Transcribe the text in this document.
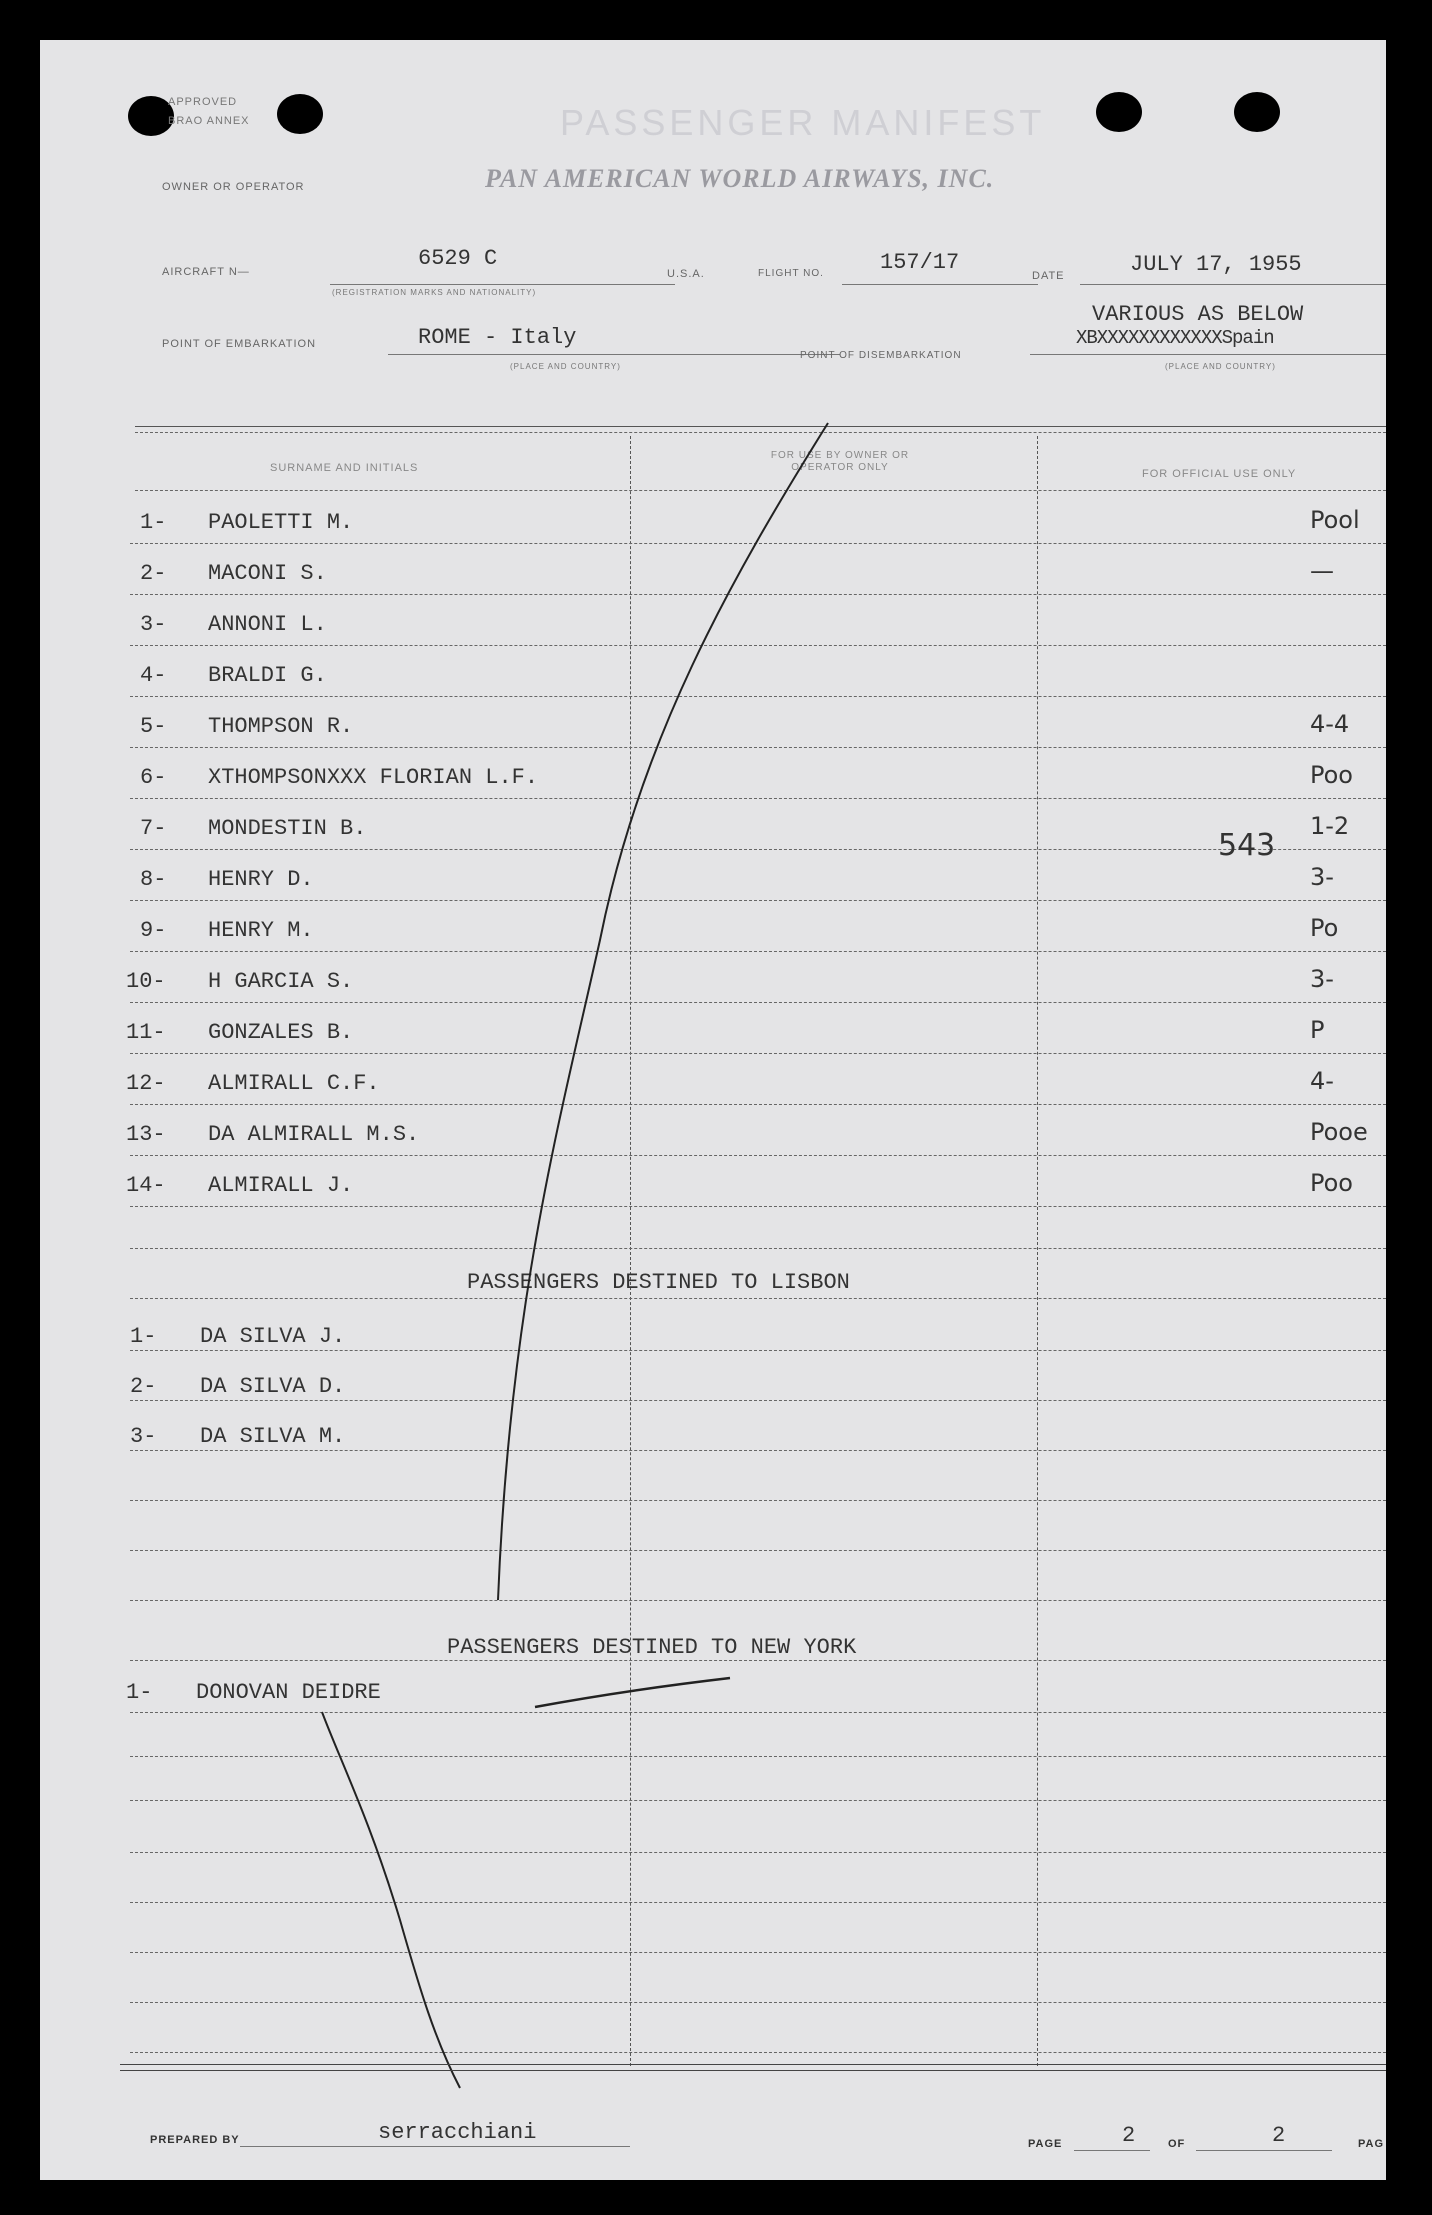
APPROVED
BRAO ANNEX	PASSENGER MANIFEST
OWNER OR OPERATOR	PAN AMERICAN WORLD AIRWAYS, INC.
AIRCRAFT N—
6529 C
(REGISTRATION MARKS AND NATIONALITY)
U.S.A.	FLIGHT NO.	157/17
DATE	JULY 17, 1955
POINT OF EMBARKATION	ROME - Italy
(PLACE AND COUNTRY)
POINT OF DISEMBARKATION
VARIOUS AS BELOW
XBXXXXXXXXXXXXSpain
(PLACE AND COUNTRY)
SURNAME AND INITIALS
FOR USE BY OWNER OR OPERATOR ONLY
FOR OFFICIAL USE ONLY
1- PAOLETTI M.	Pool
2- MACONI S.	—
3- ANNONI L.
4- BRALDI G.
5- THOMPSON R.	4-4
6- XTHOMPSONXXX FLORIAN L.F.	Poo
7- MONDESTIN B.	1-2
8- HENRY D.	3-
9- HENRY M.	Po
10- H GARCIA S.	3-
11- GONZALES B.	P
12- ALMIRALL C.F.	4-
13- DA ALMIRALL M.S.	Pooe
14- ALMIRALL J.	Poo
543
PASSENGERS DESTINED TO LISBON
1- DA SILVA J.
2- DA SILVA D.
3- DA SILVA M.
PASSENGERS DESTINED TO NEW YORK
1- DONOVAN DEIDRE
PREPARED BY	serracchiani	PAGE	2	OF	2	PAG
